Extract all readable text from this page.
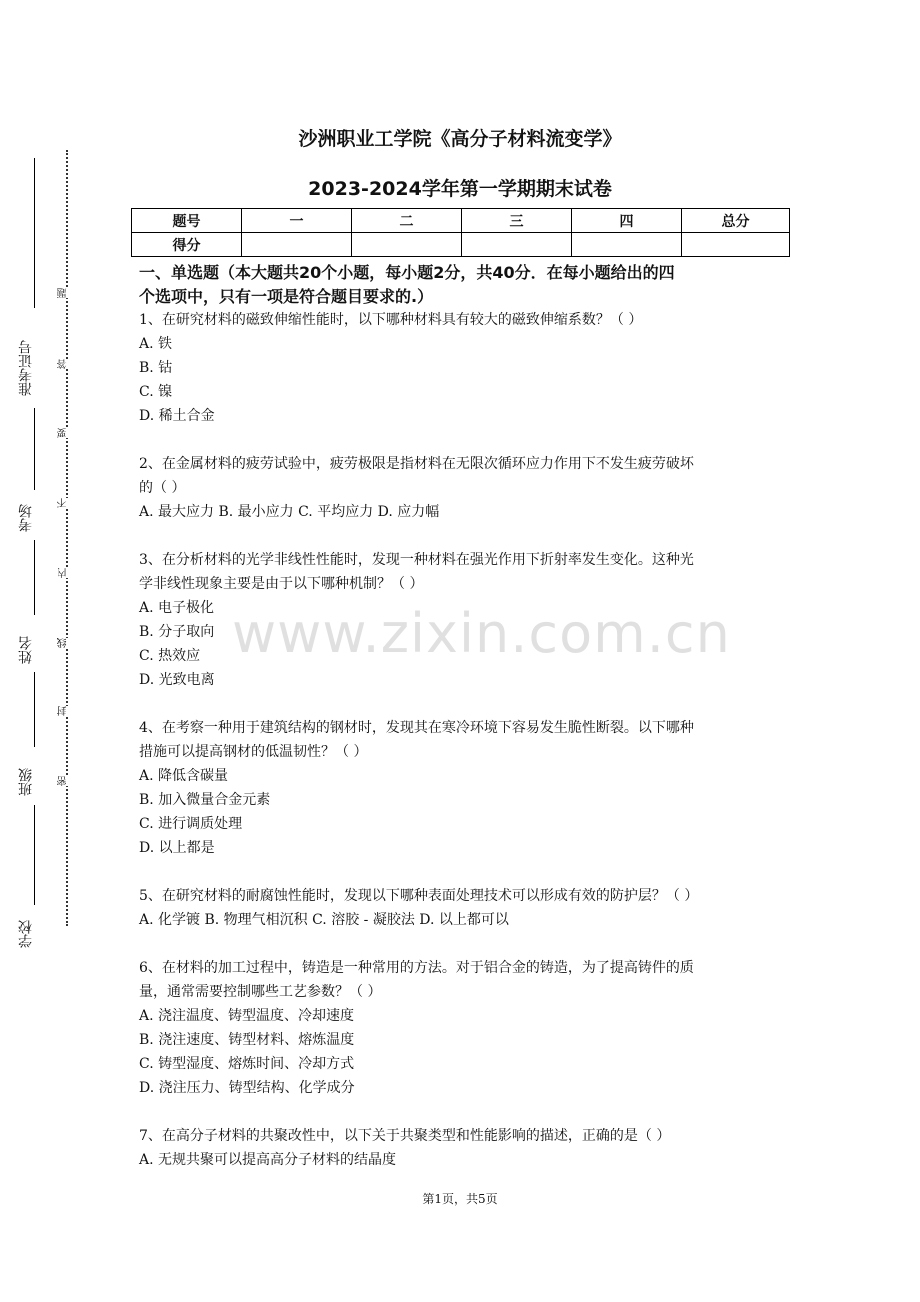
准考证号
考场
姓名
班级
学校
题
答
要
不
内
线
封
密
沙洲职业工学院《高分子材料流变学》
2023-2024学年第一学期期末试卷
题号	一	二	三	四	总分
得分					
一、单选题（本大题共20个小题，每小题2分，共40分．在每小题给出的四
个选项中，只有一项是符合题目要求的.）
1、在研究材料的磁致伸缩性能时，以下哪种材料具有较大的磁致伸缩系数？（ ）
A. 铁
B. 钴
C. 镍
D. 稀土合金
2、在金属材料的疲劳试验中，疲劳极限是指材料在无限次循环应力作用下不发生疲劳破坏
的（ ）
A. 最大应力 B. 最小应力 C. 平均应力 D. 应力幅
3、在分析材料的光学非线性性能时，发现一种材料在强光作用下折射率发生变化。这种光
学非线性现象主要是由于以下哪种机制？（ ）
A. 电子极化
B. 分子取向
C. 热效应
D. 光致电离
4、在考察一种用于建筑结构的钢材时，发现其在寒冷环境下容易发生脆性断裂。以下哪种
措施可以提高钢材的低温韧性？（ ）
A. 降低含碳量
B. 加入微量合金元素
C. 进行调质处理
D. 以上都是
5、在研究材料的耐腐蚀性能时，发现以下哪种表面处理技术可以形成有效的防护层？（ ）
A. 化学镀 B. 物理气相沉积 C. 溶胶 - 凝胶法 D. 以上都可以
6、在材料的加工过程中，铸造是一种常用的方法。对于铝合金的铸造，为了提高铸件的质
量，通常需要控制哪些工艺参数？（ ）
A. 浇注温度、铸型温度、冷却速度
B. 浇注速度、铸型材料、熔炼温度
C. 铸型湿度、熔炼时间、冷却方式
D. 浇注压力、铸型结构、化学成分
7、在高分子材料的共聚改性中，以下关于共聚类型和性能影响的描述，正确的是（ ）
A. 无规共聚可以提高高分子材料的结晶度
www.zixin.com.cn
第1页，共5页
